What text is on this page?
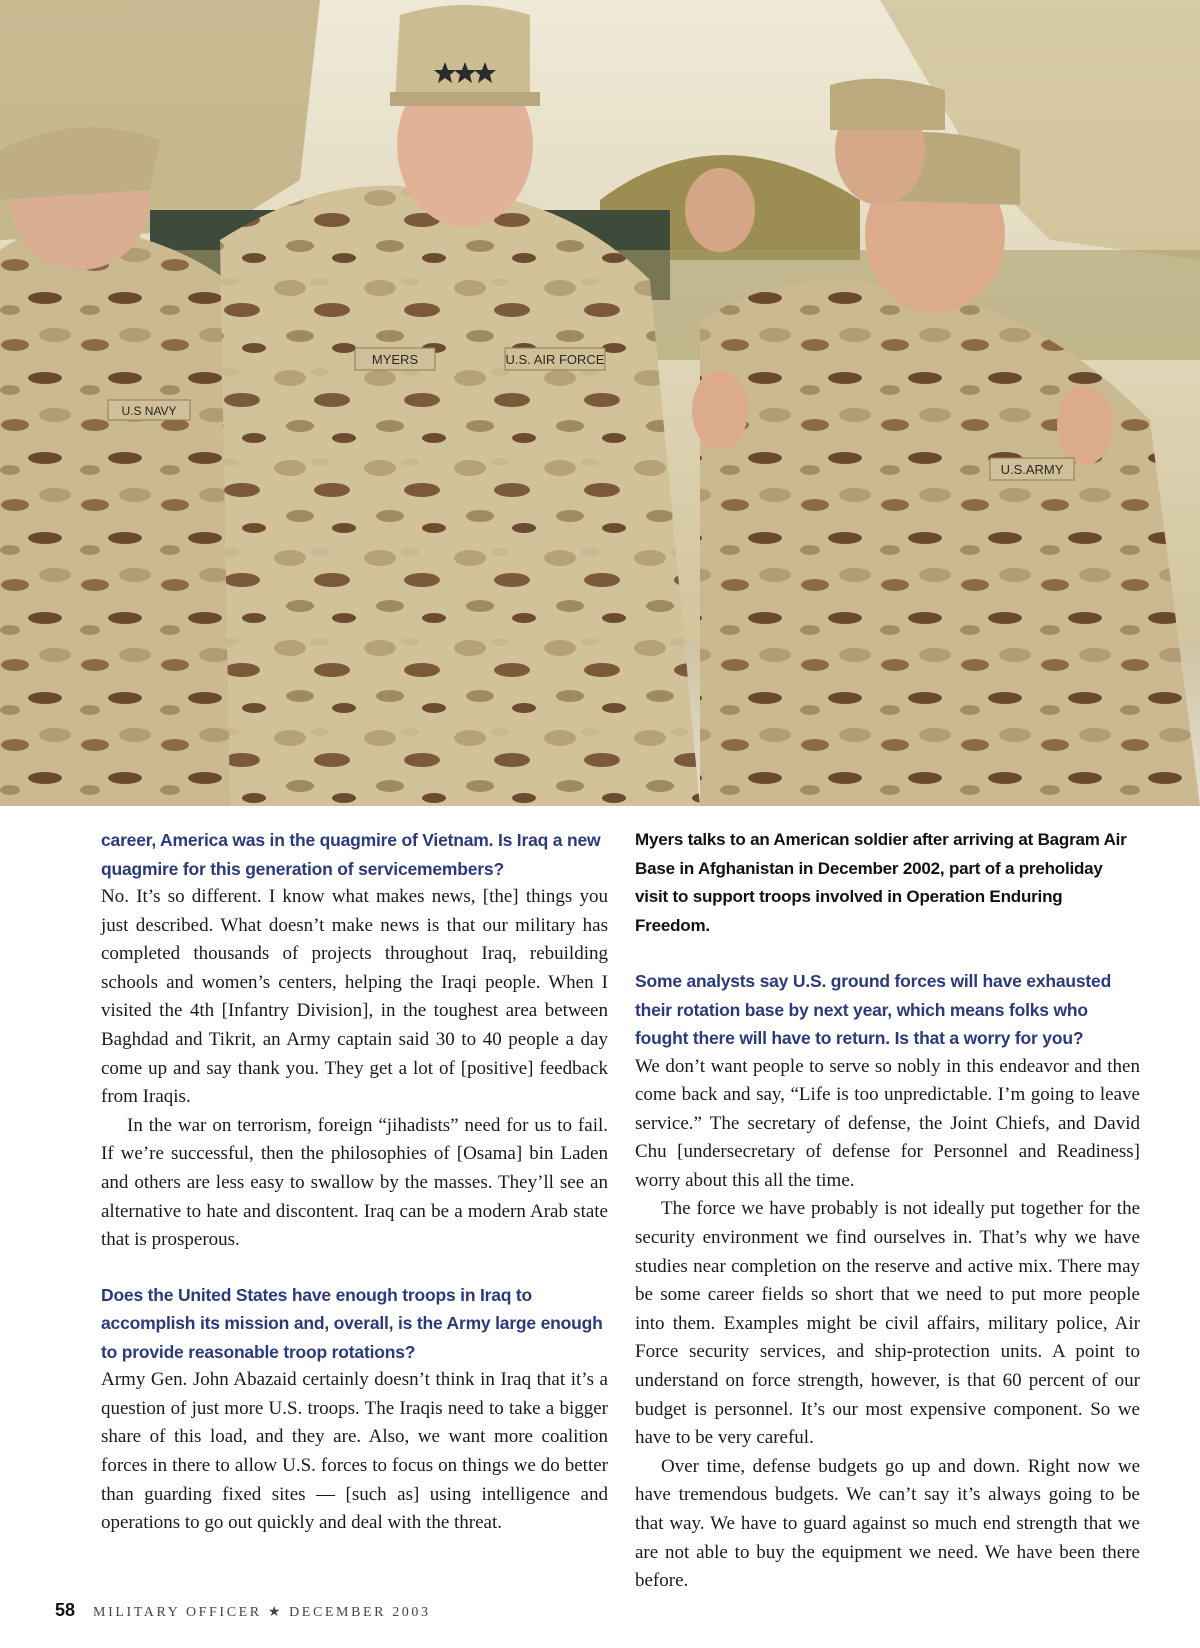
MYERS	U.S. AIR FORCE
U.S NAVY
U.S.ARMY

career, America was in the quagmire of Vietnam. Is Iraq a new quagmire for this generation of servicemembers?

No. It’s so different. I know what makes news, [the] things you just described. What doesn’t make news is that our military has completed thousands of projects throughout Iraq, rebuilding schools and women’s centers, helping the Iraqi people. When I visited the 4th [Infantry Division], in the toughest area between Baghdad and Tikrit, an Army captain said 30 to 40 people a day come up and say thank you. They get a lot of [positive] feedback from Iraqis.

In the war on terrorism, foreign “jihadists” need for us to fail. If we’re successful, then the philosophies of [Osama] bin Laden and others are less easy to swallow by the masses. They’ll see an alternative to hate and discontent. Iraq can be a modern Arab state that is prosperous.

Does the United States have enough troops in Iraq to accomplish its mission and, overall, is the Army large enough to provide reasonable troop rotations?

Army Gen. John Abazaid certainly doesn’t think in Iraq that it’s a question of just more U.S. troops. The Iraqis need to take a bigger share of this load, and they are. Also, we want more coalition forces in there to allow U.S. forces to focus on things we do better than guarding fixed sites — [such as] using intelligence and operations to go out quickly and deal with the threat.

Myers talks to an American soldier after arriving at Bagram Air Base in Afghanistan in December 2002, part of a preholiday visit to support troops involved in Operation Enduring Freedom.

Some analysts say U.S. ground forces will have exhausted their rotation base by next year, which means folks who fought there will have to return. Is that a worry for you?

We don’t want people to serve so nobly in this endeavor and then come back and say, “Life is too unpredictable. I’m going to leave service.” The secretary of defense, the Joint Chiefs, and David Chu [undersecretary of defense for Personnel and Readiness] worry about this all the time.

The force we have probably is not ideally put together for the security environment we find ourselves in. That’s why we have studies near completion on the reserve and active mix. There may be some career fields so short that we need to put more people into them. Examples might be civil affairs, military police, Air Force security services, and ship-protection units. A point to understand on force strength, however, is that 60 percent of our budget is personnel. It’s our most expensive component. So we have to be very careful.

Over time, defense budgets go up and down. Right now we have tremendous budgets. We can’t say it’s always going to be that way. We have to guard against so much end strength that we are not able to buy the equipment we need. We have been there before.

58 MILITARY OFFICER ★ DECEMBER 2003
